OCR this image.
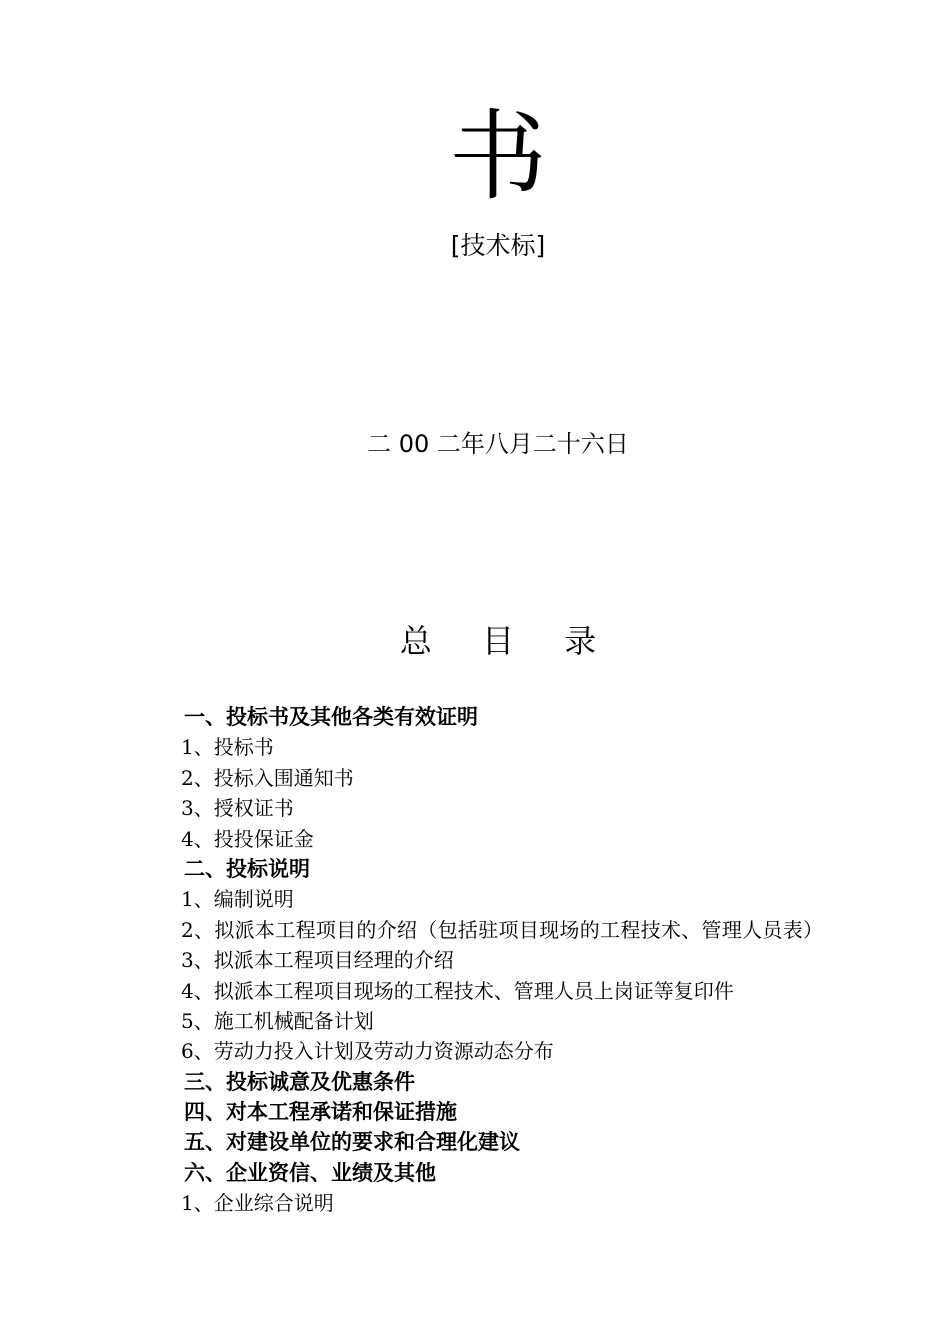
书
[技术标]
二 00 二年八月二十六日
总 目 录
一、投标书及其他各类有效证明
1、投标书
2、投标入围通知书
3、授权证书
4、投投保证金
二、投标说明
1、编制说明
2、拟派本工程项目的介绍（包括驻项目现场的工程技术、管理人员表）
3、拟派本工程项目经理的介绍
4、拟派本工程项目现场的工程技术、管理人员上岗证等复印件
5、施工机械配备计划
6、劳动力投入计划及劳动力资源动态分布
三、投标诚意及优惠条件
四、对本工程承诺和保证措施
五、对建设单位的要求和合理化建议
六、企业资信、业绩及其他
1、企业综合说明
